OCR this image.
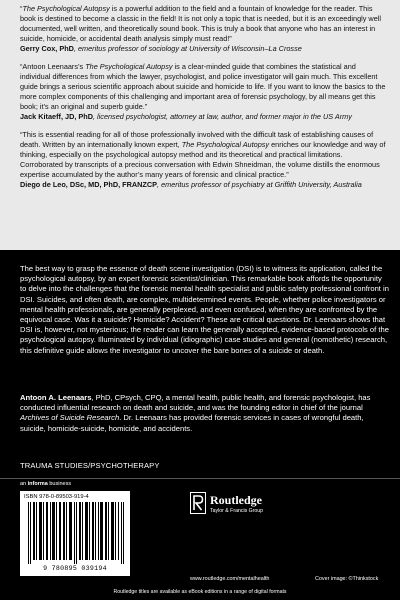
“The Psychological Autopsy is a powerful addition to the field and a fountain of knowledge for the reader. This book is destined to become a classic in the field! It is not only a topic that is needed, but it is an exceedingly well documented, well written, and theoretically sound book. This is truly a book that anyone who has an interest in suicide, homicide, or accidental death analysis simply must read!”

Gerry Cox, PhD, emeritus professor of sociology at University of Wisconsin–La Crosse

“Antoon Leenaars’s The Psychological Autopsy is a clear-minded guide that combines the statistical and individual differences from which the lawyer, psychologist, and police investigator will gain much. This excellent guide brings a serious scientific approach about suicide and homicide to life. If you want to know the basics to the more complex components of this challenging and important area of forensic psychology, by all means get this book; it’s an original and superb guide.”

Jack Kitaeff, JD, PhD, licensed psychologist, attorney at law, author, and former major in the US Army

“This is essential reading for all of those professionally involved with the difficult task of establishing causes of death. Written by an internationally known expert, The Psychological Autopsy enriches our knowledge and way of thinking, especially on the psychological autopsy method and its theoretical and practical limitations. Corroborated by transcripts of a precious conversation with Edwin Shneidman, the volume distills the enormous expertise accumulated by the author’s many years of forensic and clinical practice.”

Diego de Leo, DSc, MD, PhD, FRANZCP, emeritus professor of psychiatry at Griffith University, Australia

The best way to grasp the essence of death scene investigation (DSI) is to witness its application, called the psychological autopsy, by an expert forensic scientist/clinician. This remarkable book affords the opportunity to delve into the challenges that the forensic mental health specialist and public safety professional confront in DSI. Suicides, and often death, are complex, multidetermined events. People, whether police investigators or mental health professionals, are generally perplexed, and even confused, when they are confronted by the equivocal case. Was it a suicide? Homicide? Accident? These are critical questions. Dr. Leenaars shows that DSI is, however, not mysterious; the reader can learn the generally accepted, evidence-based protocols of the psychological autopsy. Illuminated by individual (idiographic) case studies and general (nomothetic) research, this definitive guide allows the investigator to uncover the bare bones of a suicide or death.

Antoon A. Leenaars, PhD, CPsych, CPQ, a mental health, public health, and forensic psychologist, has conducted influential research on death and suicide, and was the founding editor in chief of the journal Archives of Suicide Research. Dr. Leenaars has provided forensic services in cases of wrongful death, suicide, homicide-suicide, homicide, and accidents.

TRAUMA STUDIES/PSYCHOTHERAPY
an informa business
ISBN 978-0-89503-919-4
9 780895 039194
Routledge
Taylor & Francis Group
www.routledge.com/mentalhealth	Cover image: ©Thinkstock
Routledge titles are available as eBook editions in a range of digital formats
